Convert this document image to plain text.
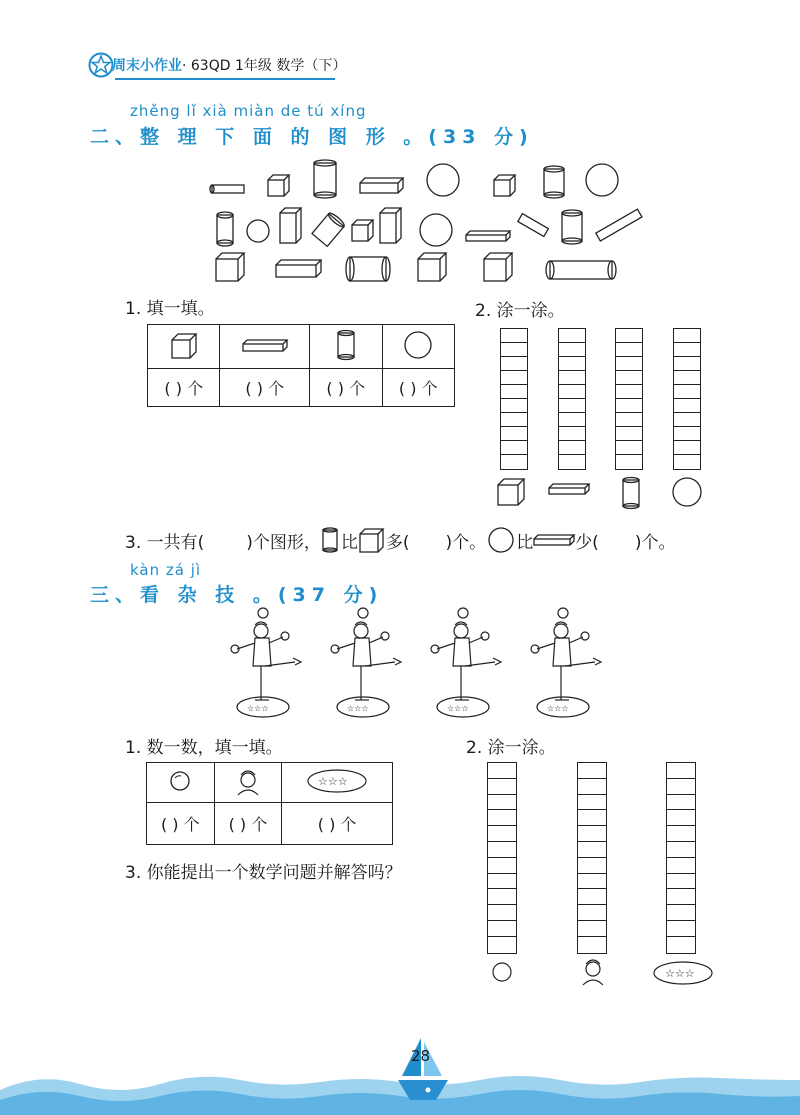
周末小作业· 63QD 1年级 数学（下）
zhěng lǐ xià miàn de tú xíng
二、整 理 下 面 的 图 形 。(33 分)
1. 填一填。	2. 涂一涂。

( ) 个	( ) 个	( ) 个	( ) 个
3. 一共有( )个图形， 比 多( )个。 比 少( )个。
kàn zá jì
三、看 杂 技 。(37 分)
1. 数一数，填一填。	2. 涂一涂。

☆☆☆

( ) 个	( ) 个	( ) 个
3. 你能提出一个数学问题并解答吗？
☆☆☆
28
